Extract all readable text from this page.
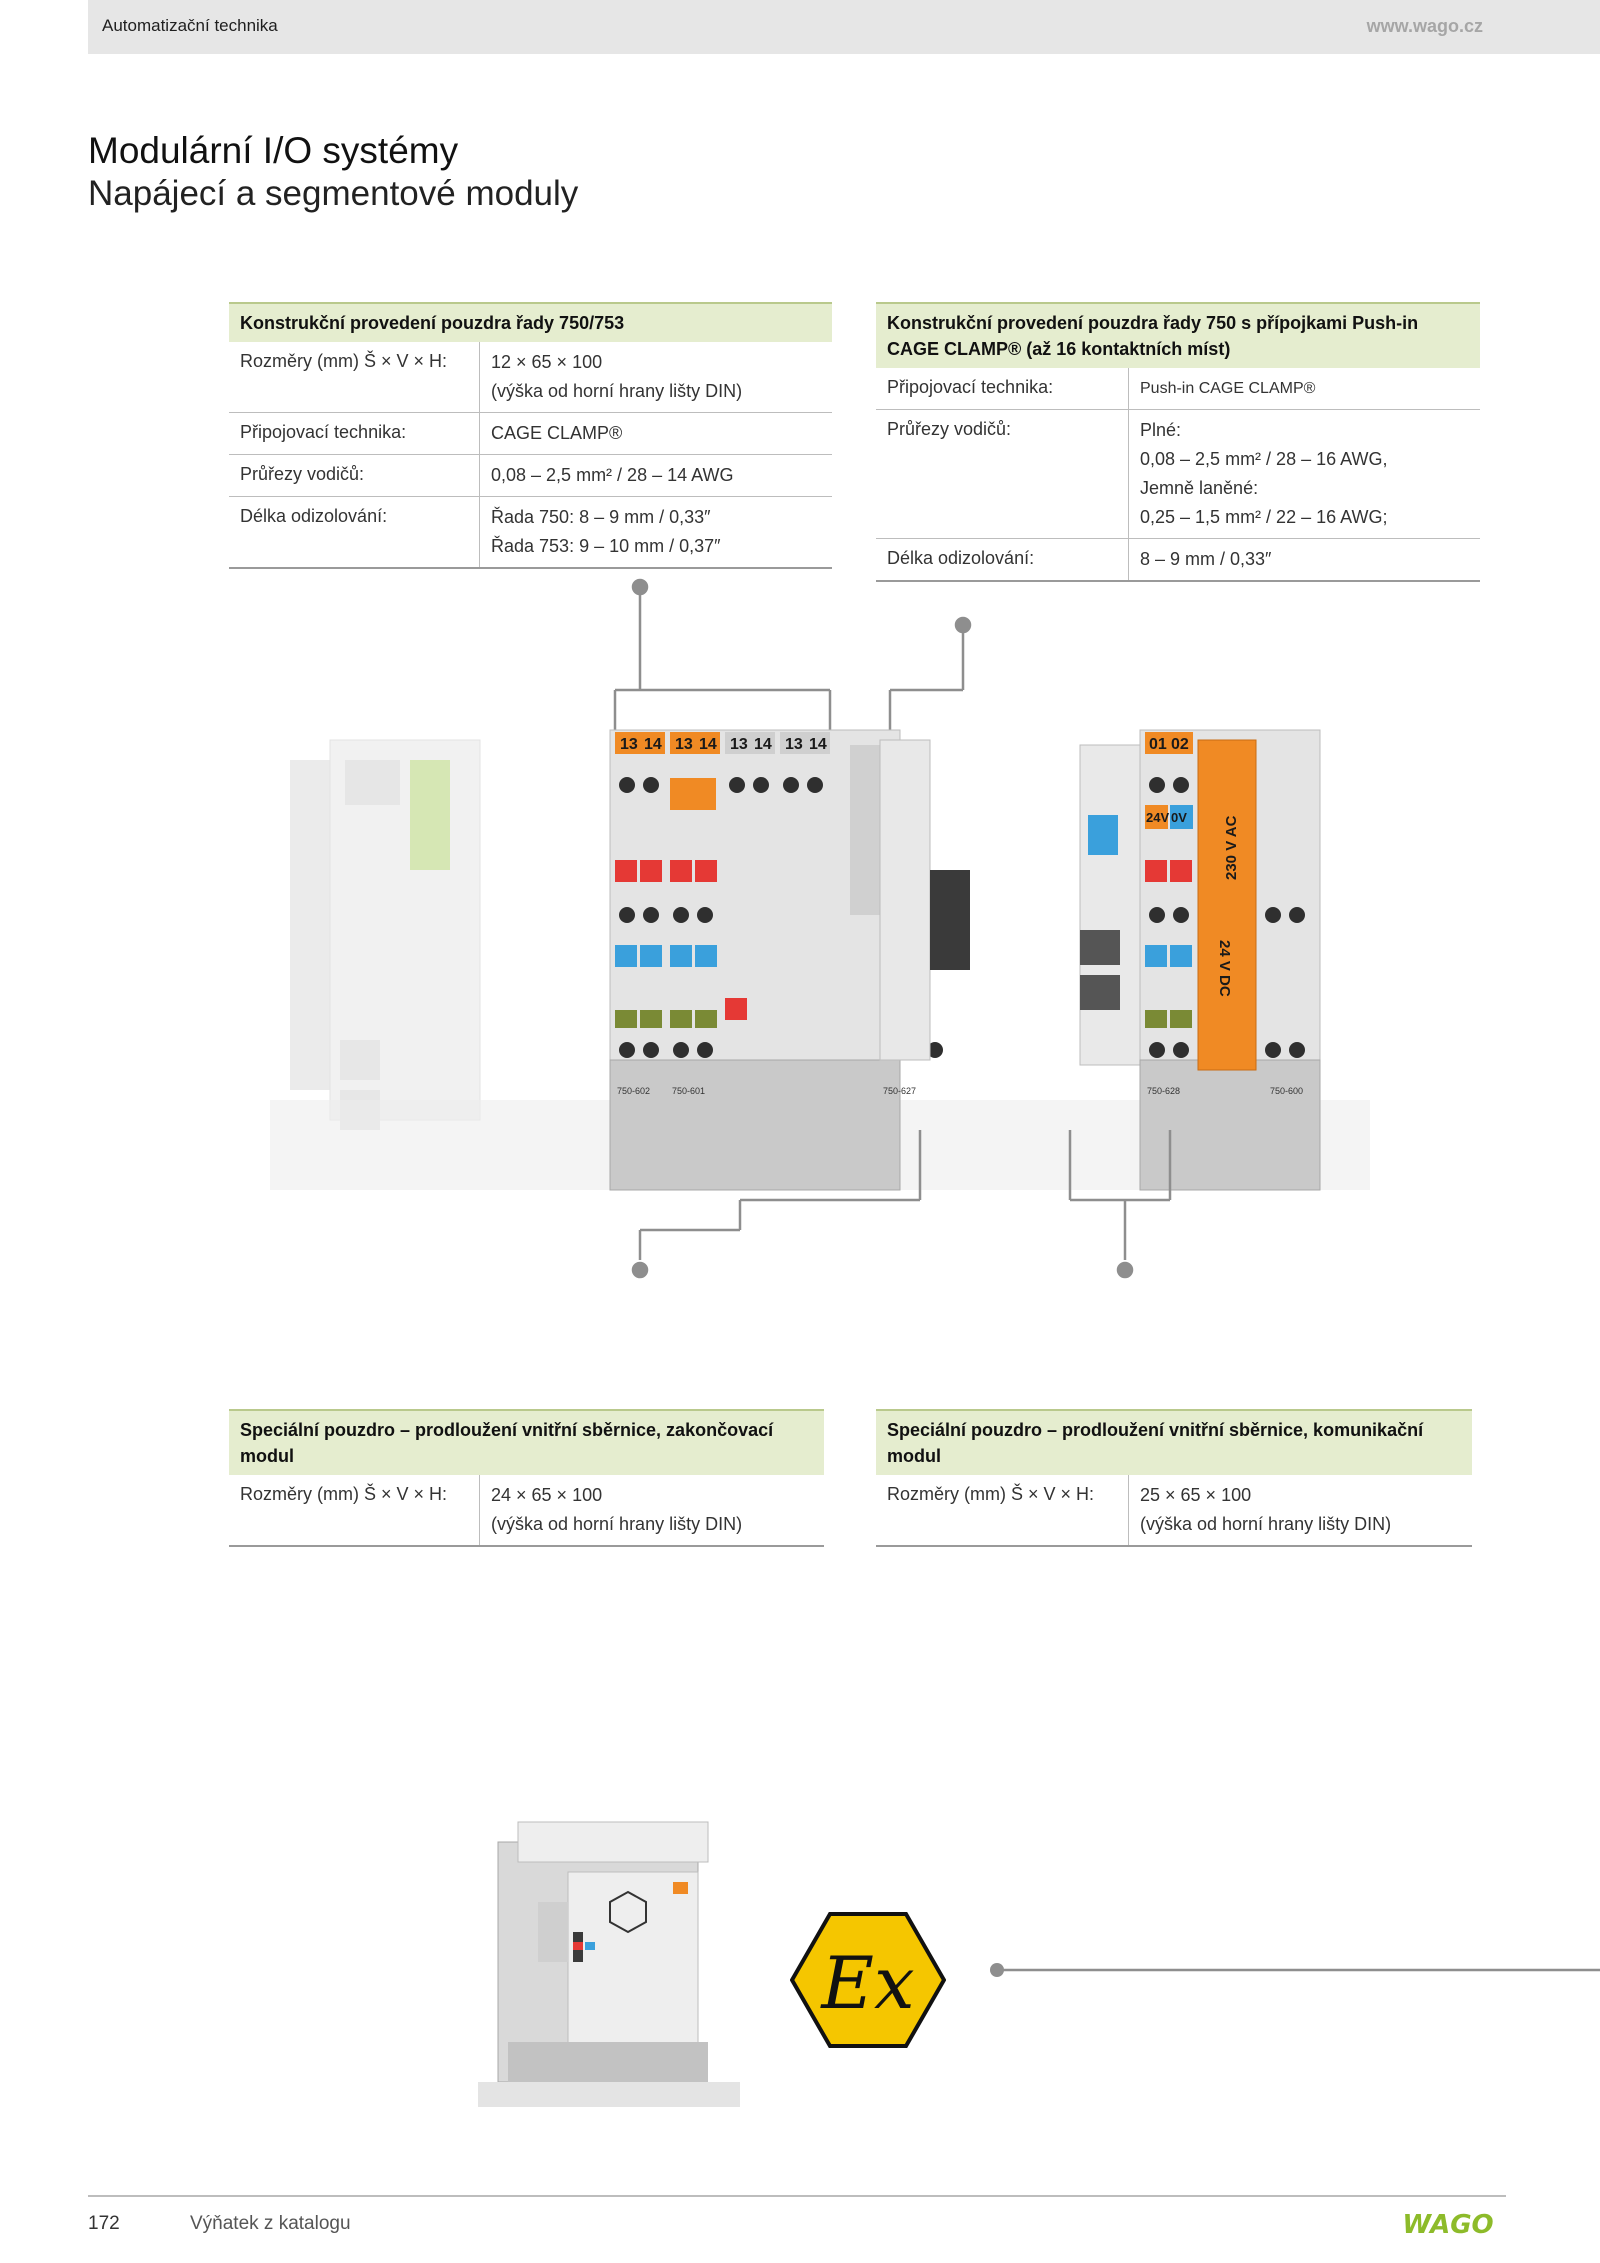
Automatizační technika	www.wago.cz
Modulární I/O systémy
Napájecí a segmentové moduly
Konstrukční provedení pouzdra řady 750/753
Rozměry (mm) Š × V × H:	12 × 65 × 100
(výška od horní hrany lišty DIN)
Připojovací technika:	CAGE CLAMP®
Průřezy vodičů:	0,08 – 2,5 mm² / 28 – 14 AWG
Délka odizolování:	Řada 750: 8 – 9 mm / 0,33″
Řada 753: 9 – 10 mm / 0,37″
Konstrukční provedení pouzdra řady 750 s přípojkami Push-in
CAGE CLAMP® (až 16 kontaktních míst)
Připojovací technika:	Push-in CAGE CLAMP®
Průřezy vodičů:	Plné:
0,08 – 2,5 mm² / 28 – 16 AWG,
Jemně laněné:
0,25 – 1,5 mm² / 22 – 16 AWG;
Délka odizolování:	8 – 9 mm / 0,33″
13 14 13 14 13 14 13 14
750-602 750-601	750-627
01 02
24V 0V 230 V AC
24 V DC
750-628	750-600
Speciální pouzdro – prodloužení vnitřní sběrnice, zakončovací
modul
Rozměry (mm) Š × V × H:	24 × 65 × 100
(výška od horní hrany lišty DIN)
Speciální pouzdro – prodloužení vnitřní sběrnice, komunikační
modul
Rozměry (mm) Š × V × H:	25 × 65 × 100
(výška od horní hrany lišty DIN)
Ex
172	Výňatek z katalogu	WAGO
